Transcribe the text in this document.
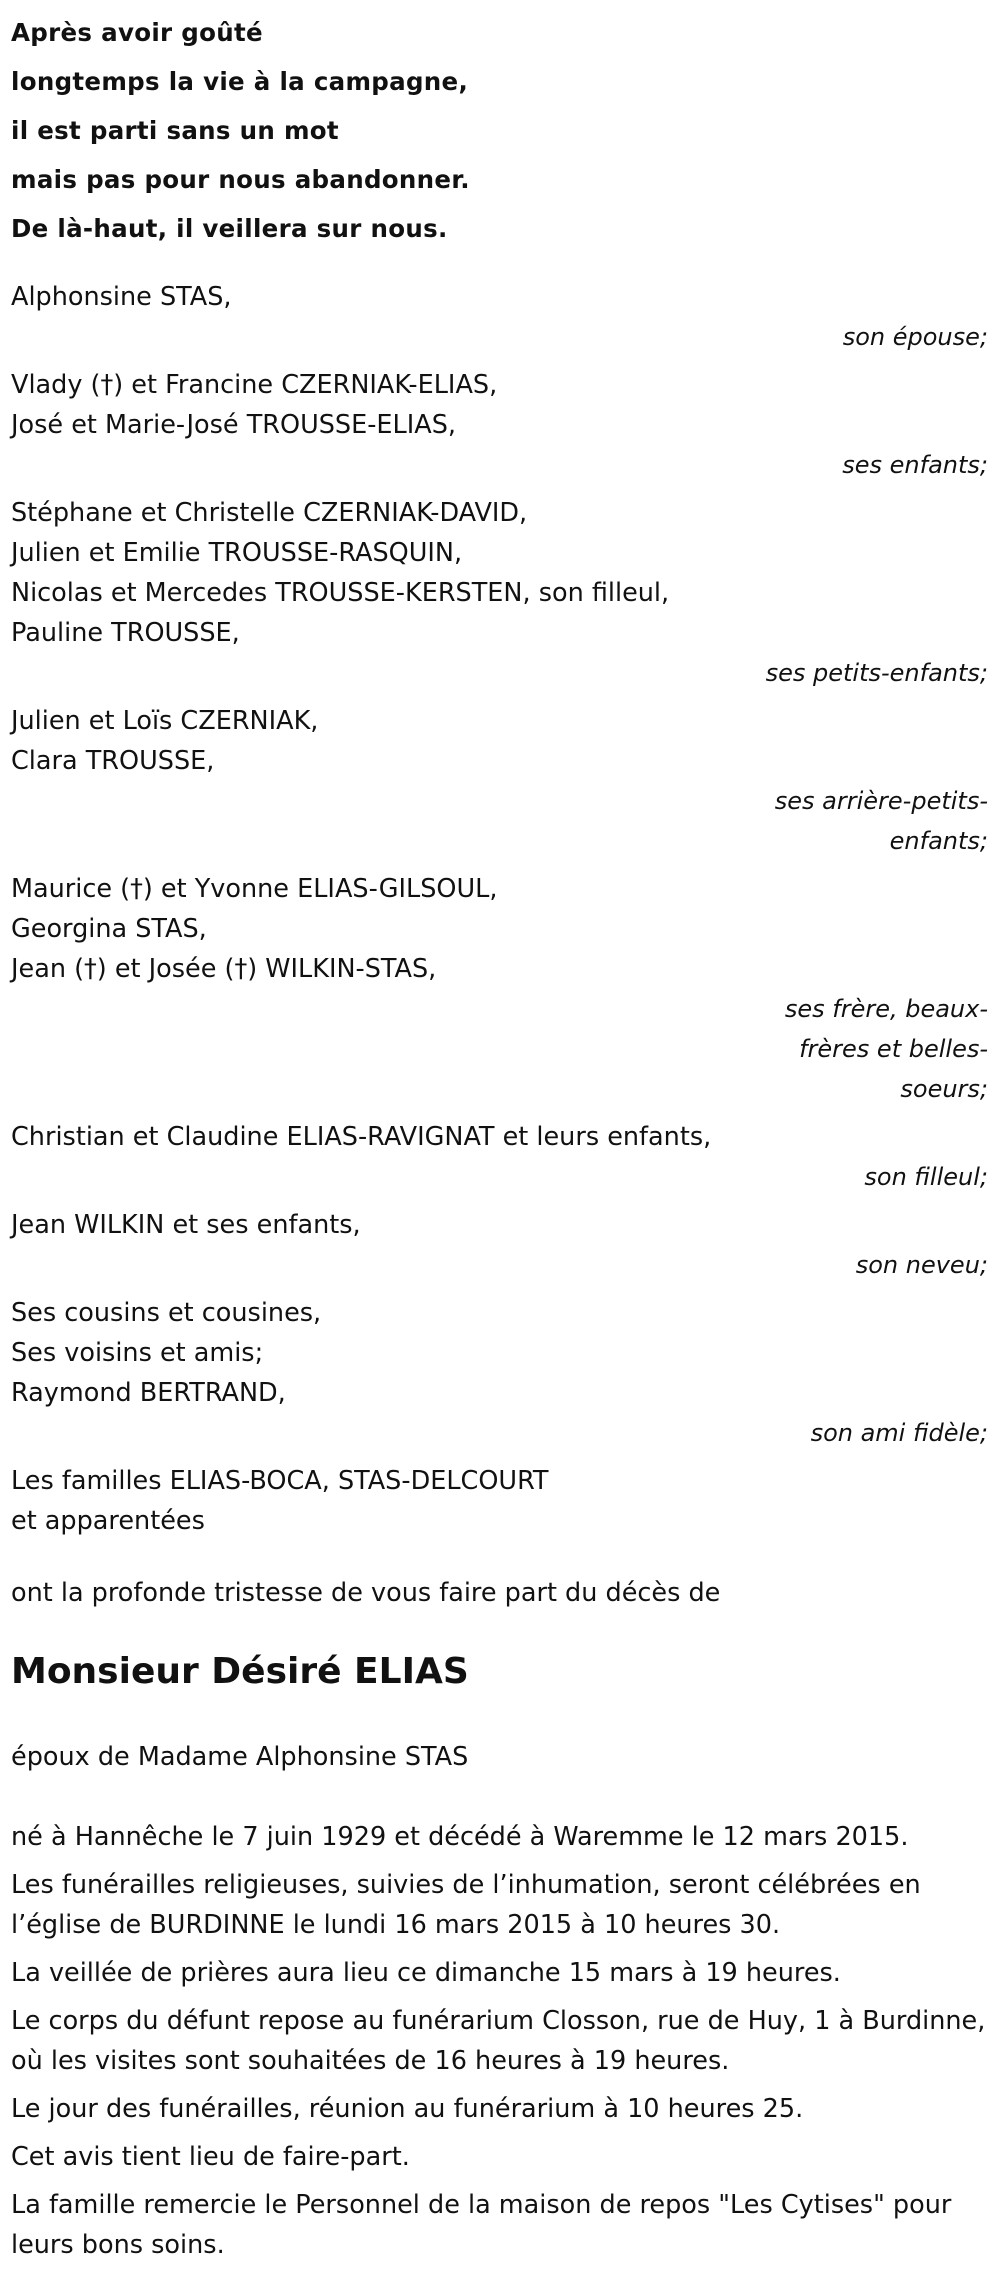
Après avoir goûté
longtemps la vie à la campagne,
il est parti sans un mot
mais pas pour nous abandonner.
De là-haut, il veillera sur nous.
Alphonsine STAS,
son épouse;
Vlady (†) et Francine CZERNIAK-ELIAS,
José et Marie-José TROUSSE-ELIAS,
ses enfants;
Stéphane et Christelle CZERNIAK-DAVID,
Julien et Emilie TROUSSE-RASQUIN,
Nicolas et Mercedes TROUSSE-KERSTEN, son filleul,
Pauline TROUSSE,
ses petits-enfants;
Julien et Loïs CZERNIAK,
Clara TROUSSE,
ses arrière-petits-
enfants;
Maurice (†) et Yvonne ELIAS-GILSOUL,
Georgina STAS,
Jean (†) et Josée (†) WILKIN-STAS,
ses frère, beaux-
frères et belles-
soeurs;
Christian et Claudine ELIAS-RAVIGNAT et leurs enfants,
son filleul;
Jean WILKIN et ses enfants,
son neveu;
Ses cousins et cousines,
Ses voisins et amis;
Raymond BERTRAND,
son ami fidèle;
Les familles ELIAS-BOCA, STAS-DELCOURT
et apparentées
ont la profonde tristesse de vous faire part du décès de
Monsieur Désiré ELIAS
époux de Madame Alphonsine STAS
né à Hannêche le 7 juin 1929 et décédé à Waremme le 12 mars 2015.
Les funérailles religieuses, suivies de l’inhumation, seront célébrées en l’église de BURDINNE le lundi 16 mars 2015 à 10 heures 30.
La veillée de prières aura lieu ce dimanche 15 mars à 19 heures.
Le corps du défunt repose au funérarium Closson, rue de Huy, 1 à Burdinne, où les visites sont souhaitées de 16 heures à 19 heures.
Le jour des funérailles, réunion au funérarium à 10 heures 25.
Cet avis tient lieu de faire-part.
La famille remercie le Personnel de la maison de repos "Les Cytises" pour leurs bons soins.
